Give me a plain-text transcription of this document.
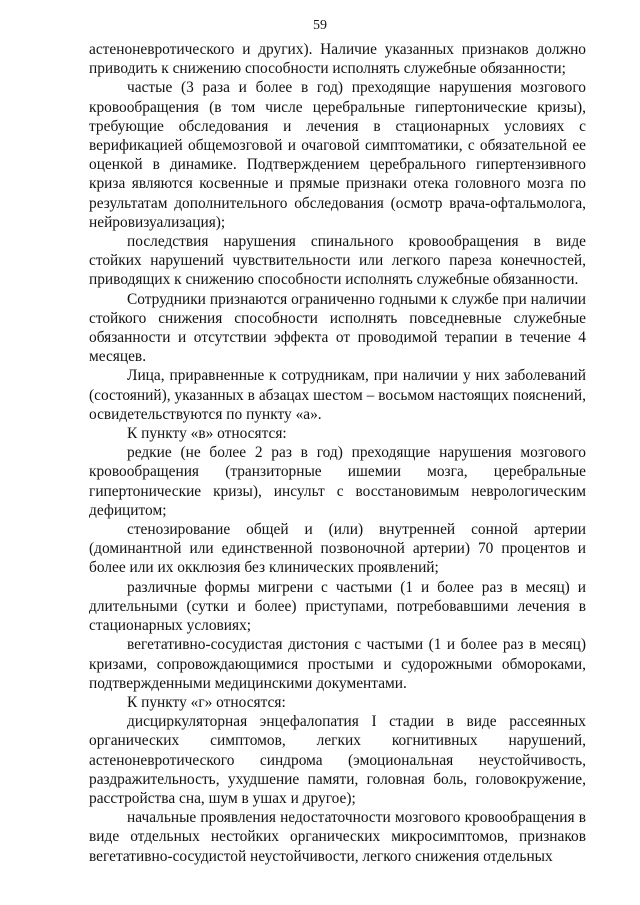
59

астеноневротического и других). Наличие указанных признаков должно приводить к снижению способности исполнять служебные обязанности;

частые (3 раза и более в год) преходящие нарушения мозгового кровообращения (в том числе церебральные гипертонические кризы), требующие обследования и лечения в стационарных условиях с верификацией общемозговой и очаговой симптоматики, с обязательной ее оценкой в динамике. Подтверждением церебрального гипертензивного криза являются косвенные и прямые признаки отека головного мозга по результатам дополнительного обследования (осмотр врача-офтальмолога, нейровизуализация);

последствия нарушения спинального кровообращения в виде стойких нарушений чувствительности или легкого пареза конечностей, приводящих к снижению способности исполнять служебные обязанности.

Сотрудники признаются ограниченно годными к службе при наличии стойкого снижения способности исполнять повседневные служебные обязанности и отсутствии эффекта от проводимой терапии в течение 4 месяцев.

Лица, приравненные к сотрудникам, при наличии у них заболеваний (состояний), указанных в абзацах шестом – восьмом настоящих пояснений, освидетельствуются по пункту «а».

К пункту «в» относятся:

редкие (не более 2 раз в год) преходящие нарушения мозгового кровообращения (транзиторные ишемии мозга, церебральные гипертонические кризы), инсульт с восстановимым неврологическим дефицитом;

стенозирование общей и (или) внутренней сонной артерии (доминантной или единственной позвоночной артерии) 70 процентов и более или их окклюзия без клинических проявлений;

различные формы мигрени с частыми (1 и более раз в месяц) и длительными (сутки и более) приступами, потребовавшими лечения в стационарных условиях;

вегетативно-сосудистая дистония с частыми (1 и более раз в месяц) кризами, сопровождающимися простыми и судорожными обмороками, подтвержденными медицинскими документами.

К пункту «г» относятся:

дисциркуляторная энцефалопатия I стадии в виде рассеянных органических симптомов, легких когнитивных нарушений, астеноневротического синдрома (эмоциональная неустойчивость, раздражительность, ухудшение памяти, головная боль, головокружение, расстройства сна, шум в ушах и другое);

начальные проявления недостаточности мозгового кровообращения в виде отдельных нестойких органических микросимптомов, признаков вегетативно-сосудистой неустойчивости, легкого снижения отдельных
